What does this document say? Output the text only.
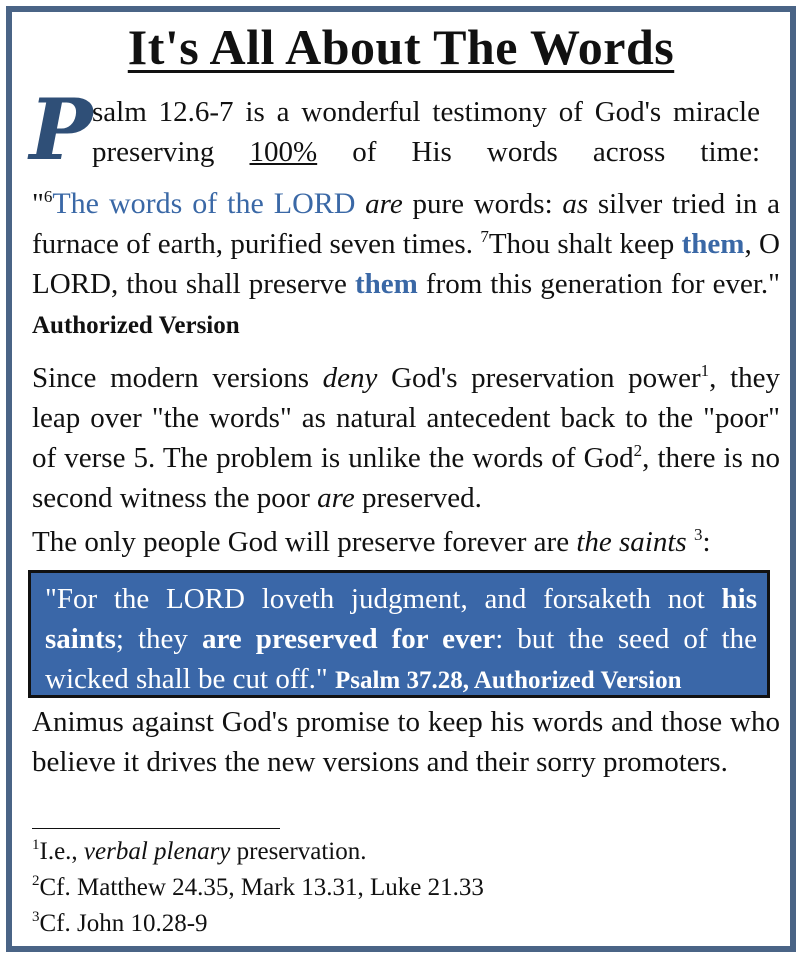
It's All About The Words
P salm 12.6-7 is a wonderful testimony of God's miracle preserving 100% of His words across time:
"$^6$The words of the LORD are pure words: as silver tried in a furnace of earth, purified seven times. $^7$Thou shalt keep them, O LORD, thou shall preserve them from this generation for ever." Authorized Version
Since modern versions deny God's preservation power$^1$, they leap over "the words" as natural antecedent back to the "poor" of verse 5. The problem is unlike the words of God$^2$, there is no second witness the poor are preserved.
The only people God will preserve forever are the saints $^3$:
"For the LORD loveth judgment, and forsaketh not his saints; they are preserved for ever: but the seed of the wicked shall be cut off." Psalm 37.28, Authorized Version
Animus against God's promise to keep his words and those who believe it drives the new versions and their sorry promoters.
$^1$I.e., verbal plenary preservation.
$^2$Cf. Matthew 24.35, Mark 13.31, Luke 21.33
$^3$Cf. John 10.28-9
